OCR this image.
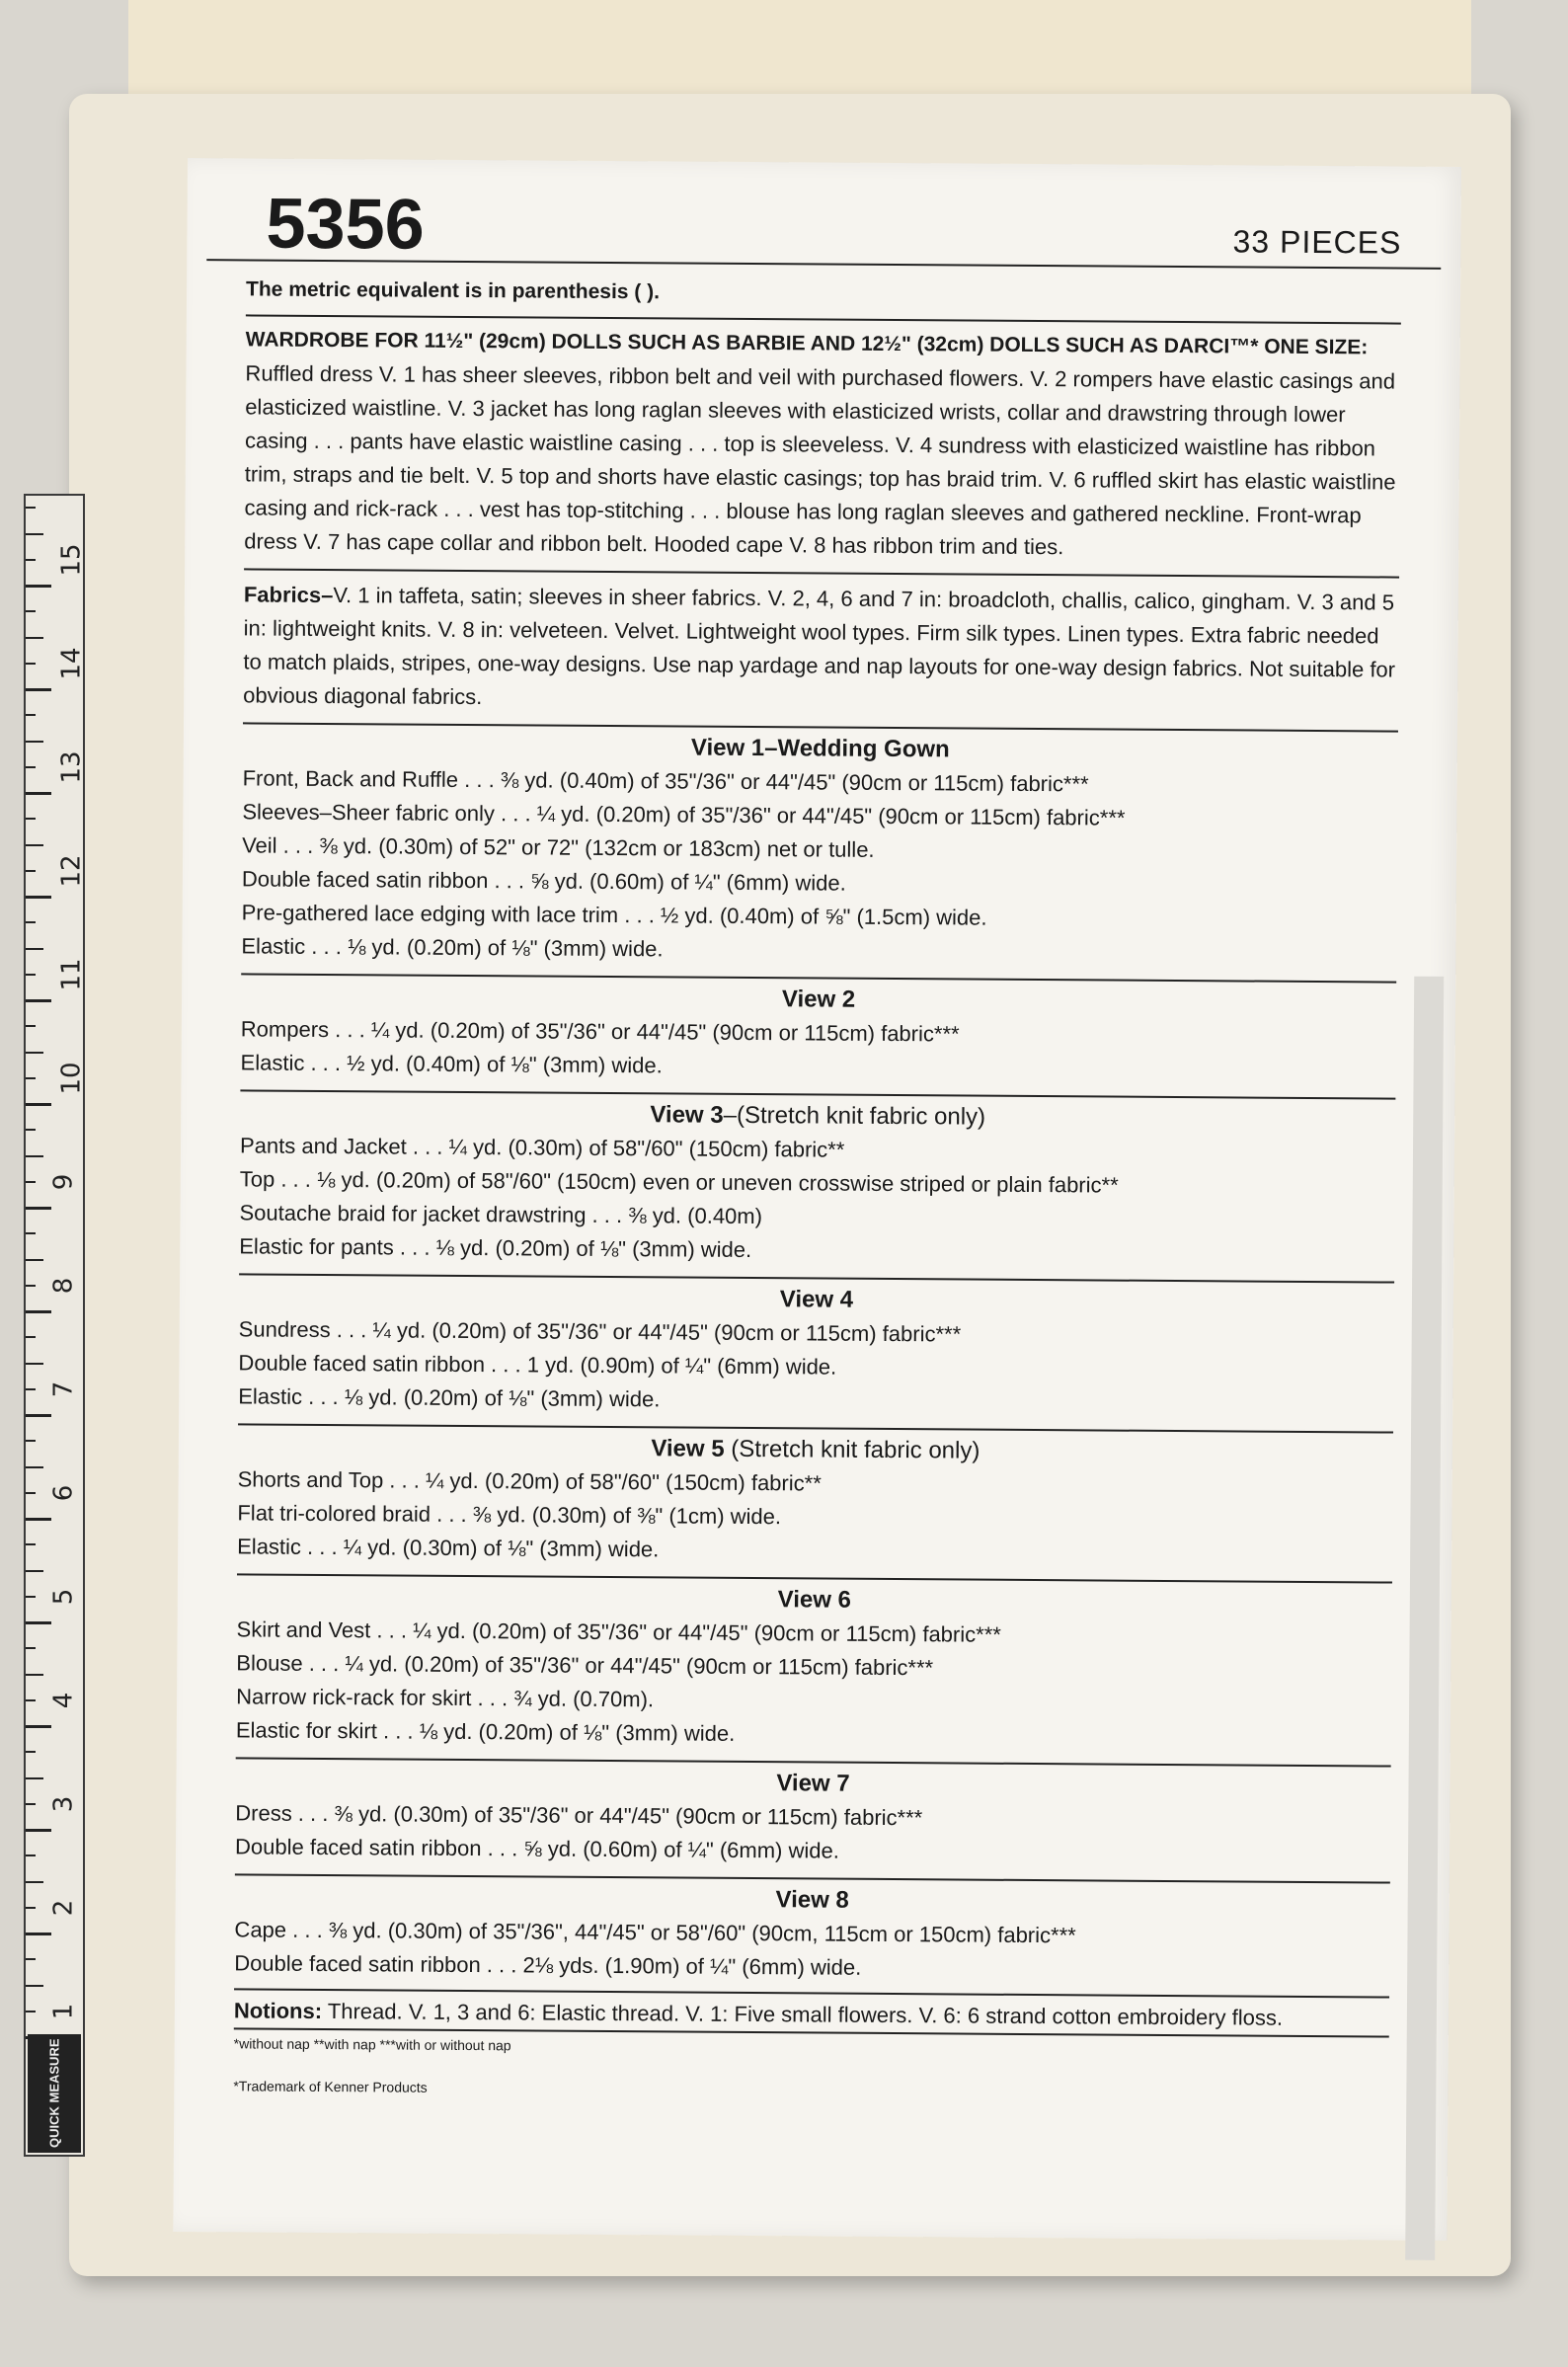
QUICK MEASURE
1
2
3
4
5
6
7
8
9
10
11
12
13
14
15
5356	33 PIECES
The metric equivalent is in parenthesis ( ).
WARDROBE FOR 11½" (29cm) DOLLS SUCH AS BARBIE AND 12½" (32cm) DOLLS SUCH AS DARCI™* ONE SIZE: Ruffled dress V. 1 has sheer sleeves, ribbon belt and veil with purchased flowers. V. 2 rompers have elastic casings and elasticized waistline. V. 3 jacket has long raglan sleeves with elasticized wrists, collar and drawstring through lower casing . . . pants have elastic waistline casing . . . top is sleeveless. V. 4 sundress with elasticized waistline has ribbon trim, straps and tie belt. V. 5 top and shorts have elastic casings; top has braid trim. V. 6 ruffled skirt has elastic waistline casing and rick-rack . . . vest has top-stitching . . . blouse has long raglan sleeves and gathered neckline. Front-wrap dress V. 7 has cape collar and ribbon belt. Hooded cape V. 8 has ribbon trim and ties.
Fabrics–V. 1 in taffeta, satin; sleeves in sheer fabrics. V. 2, 4, 6 and 7 in: broadcloth, challis, calico, gingham. V. 3 and 5 in: lightweight knits. V. 8 in: velveteen. Velvet. Lightweight wool types. Firm silk types. Linen types. Extra fabric needed to match plaids, stripes, one-way designs. Use nap yardage and nap layouts for one-way design fabrics. Not suitable for obvious diagonal fabrics.
View 1–Wedding Gown
Front, Back and Ruffle . . . ⅜ yd. (0.40m) of 35"/36" or 44"/45" (90cm or 115cm) fabric***
Sleeves–Sheer fabric only . . . ¼ yd. (0.20m) of 35"/36" or 44"/45" (90cm or 115cm) fabric***
Veil . . . ⅜ yd. (0.30m) of 52" or 72" (132cm or 183cm) net or tulle.
Double faced satin ribbon . . . ⅝ yd. (0.60m) of ¼" (6mm) wide.
Pre-gathered lace edging with lace trim . . . ½ yd. (0.40m) of ⅝" (1.5cm) wide.
Elastic . . . ⅛ yd. (0.20m) of ⅛" (3mm) wide.
View 2
Rompers . . . ¼ yd. (0.20m) of 35"/36" or 44"/45" (90cm or 115cm) fabric***
Elastic . . . ½ yd. (0.40m) of ⅛" (3mm) wide.
View 3–(Stretch knit fabric only)
Pants and Jacket . . . ¼ yd. (0.30m) of 58"/60" (150cm) fabric**
Top . . . ⅛ yd. (0.20m) of 58"/60" (150cm) even or uneven crosswise striped or plain fabric**
Soutache braid for jacket drawstring . . . ⅜ yd. (0.40m)
Elastic for pants . . . ⅛ yd. (0.20m) of ⅛" (3mm) wide.
View 4
Sundress . . . ¼ yd. (0.20m) of 35"/36" or 44"/45" (90cm or 115cm) fabric***
Double faced satin ribbon . . . 1 yd. (0.90m) of ¼" (6mm) wide.
Elastic . . . ⅛ yd. (0.20m) of ⅛" (3mm) wide.
View 5 (Stretch knit fabric only)
Shorts and Top . . . ¼ yd. (0.20m) of 58"/60" (150cm) fabric**
Flat tri-colored braid . . . ⅜ yd. (0.30m) of ⅜" (1cm) wide.
Elastic . . . ¼ yd. (0.30m) of ⅛" (3mm) wide.
View 6
Skirt and Vest . . . ¼ yd. (0.20m) of 35"/36" or 44"/45" (90cm or 115cm) fabric***
Blouse . . . ¼ yd. (0.20m) of 35"/36" or 44"/45" (90cm or 115cm) fabric***
Narrow rick-rack for skirt . . . ¾ yd. (0.70m).
Elastic for skirt . . . ⅛ yd. (0.20m) of ⅛" (3mm) wide.
View 7
Dress . . . ⅜ yd. (0.30m) of 35"/36" or 44"/45" (90cm or 115cm) fabric***
Double faced satin ribbon . . . ⅝ yd. (0.60m) of ¼" (6mm) wide.
View 8
Cape . . . ⅜ yd. (0.30m) of 35"/36", 44"/45" or 58"/60" (90cm, 115cm or 150cm) fabric***
Double faced satin ribbon . . . 2⅛ yds. (1.90m) of ¼" (6mm) wide.
Notions: Thread. V. 1, 3 and 6: Elastic thread. V. 1: Five small flowers. V. 6: 6 strand cotton embroidery floss.
*without nap **with nap ***with or without nap
*Trademark of Kenner Products
